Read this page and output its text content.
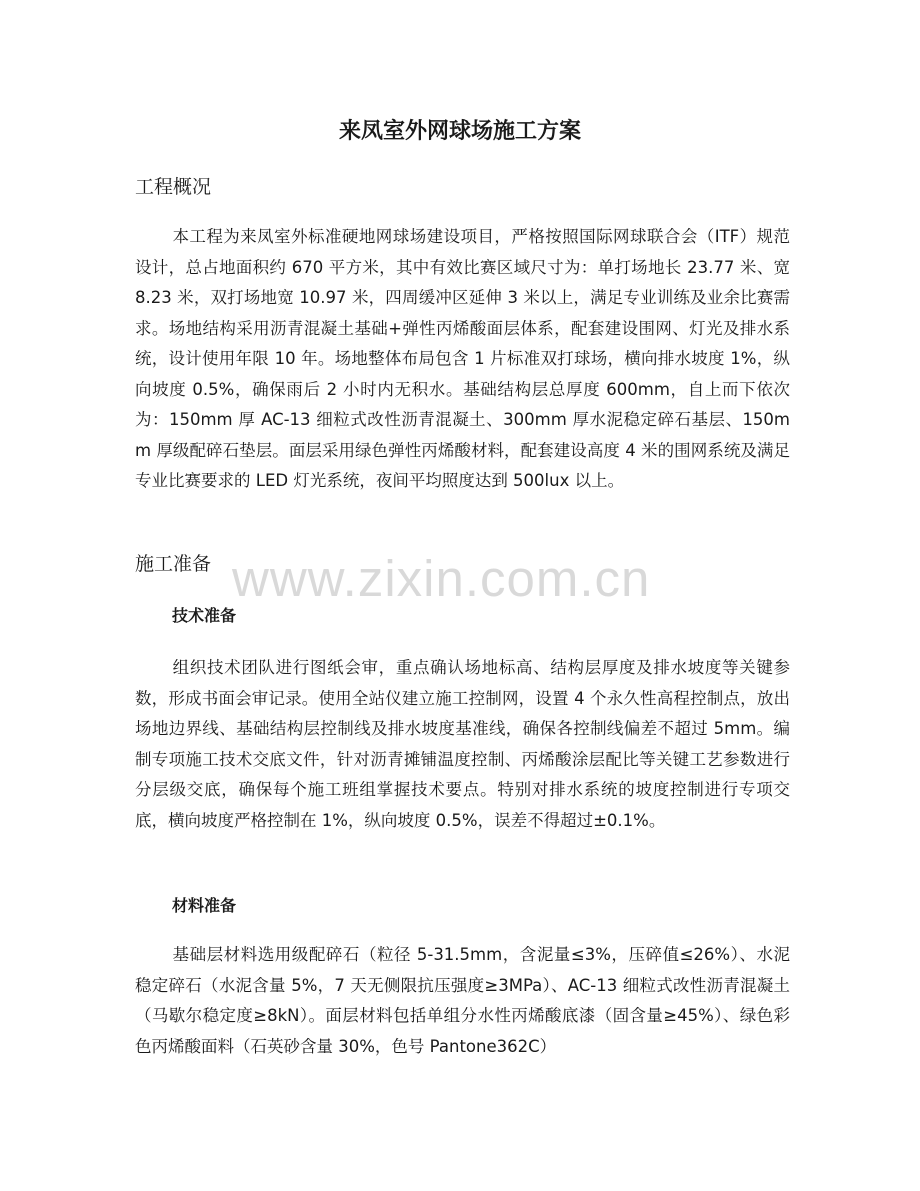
来凤室外网球场施工方案
工程概况

本工程为来凤室外标准硬地网球场建设项目，严格按照国际网球联合会（ITF）规范设计，总占地面积约 670 平方米，其中有效比赛区域尺寸为：单打场地长 23.77 米、宽 8.23 米，双打场地宽 10.97 米，四周缓冲区延伸 3 米以上，满足专业训练及业余比赛需求。场地结构采用沥青混凝土基础+弹性丙烯酸面层体系，配套建设围网、灯光及排水系统，设计使用年限 10 年。场地整体布局包含 1 片标准双打球场，横向排水坡度 1%，纵向坡度 0.5%，确保雨后 2 小时内无积水。基础结构层总厚度 600mm，自上而下依次为：150mm 厚 AC-13 细粒式改性沥青混凝土、300mm 厚水泥稳定碎石基层、150mm 厚级配碎石垫层。面层采用绿色弹性丙烯酸材料，配套建设高度 4 米的围网系统及满足专业比赛要求的 LED 灯光系统，夜间平均照度达到 500lux 以上。

施工准备
技术准备

组织技术团队进行图纸会审，重点确认场地标高、结构层厚度及排水坡度等关键参数，形成书面会审记录。使用全站仪建立施工控制网，设置 4 个永久性高程控制点，放出场地边界线、基础结构层控制线及排水坡度基准线，确保各控制线偏差不超过 5mm。编制专项施工技术交底文件，针对沥青摊铺温度控制、丙烯酸涂层配比等关键工艺参数进行分层级交底，确保每个施工班组掌握技术要点。特别对排水系统的坡度控制进行专项交底，横向坡度严格控制在 1%，纵向坡度 0.5%，误差不得超过±0.1%。

材料准备

基础层材料选用级配碎石（粒径 5-31.5mm，含泥量≤3%，压碎值≤26%）、水泥稳定碎石（水泥含量 5%，7 天无侧限抗压强度≥3MPa）、AC-13 细粒式改性沥青混凝土（马歇尔稳定度≥8kN）。面层材料包括单组分水性丙烯酸底漆（固含量≥45%）、绿色彩色丙烯酸面料（石英砂含量 30%，色号 Pantone362C）

www.zixin.com.cn
